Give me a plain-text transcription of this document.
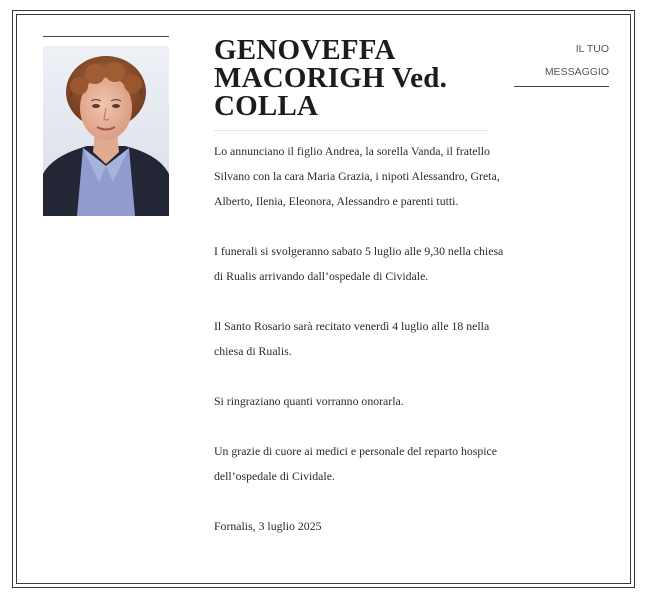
GENOVEFFA
MACORIGH Ved.
COLLA
IL TUO
MESSAGGIO

Lo annunciano il figlio Andrea, la sorella Vanda, il fratello Silvano con la cara Maria Grazia, i nipoti Alessandro, Greta, Alberto, Ilenia, Eleonora, Alessandro e parenti tutti.

I funerali si svolgeranno sabato 5 luglio alle 9,30 nella chiesa di Rualis arrivando dall’ospedale di Cividale.

Il Santo Rosario sarà recitato venerdì 4 luglio alle 18 nella chiesa di Rualis.

Si ringraziano quanti vorranno onorarla.

Un grazie di cuore ai medici e personale del reparto hospice dell’ospedale di Cividale.

Fornalis, 3 luglio 2025
